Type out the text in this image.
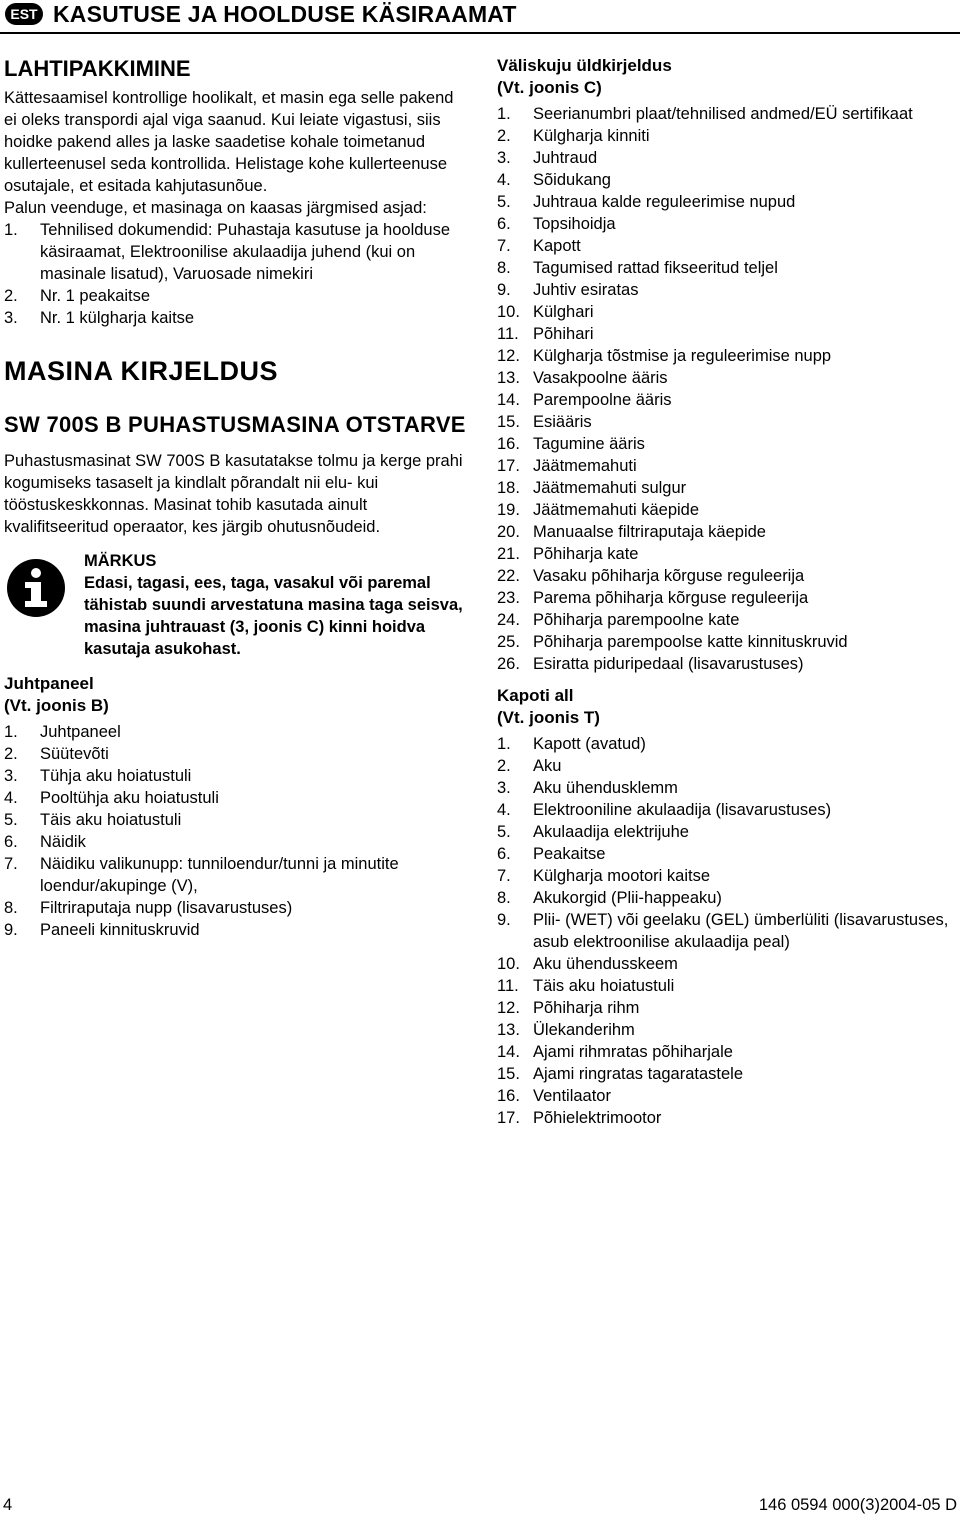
EST KASUTUSE JA HOOLDUSE KÄSIRAAMAT
LAHTIPAKKIMINE

Kättesaamisel kontrollige hoolikalt, et masin ega selle pakend ei oleks transpordi ajal viga saanud. Kui leiate vigastusi, siis hoidke pakend alles ja laske saadetise kohale toimetanud kullerteenusel seda kontrollida. Helistage kohe kullerteenuse osutajale, et esitada kahjutasunõue.

Palun veenduge, et masinaga on kaasas järgmised asjad:

1.	Tehnilised dokumendid: Puhastaja kasutuse ja hoolduse käsiraamat, Elektroonilise akulaadija juhend (kui on masinale lisatud), Varuosade nimekiri
2.	Nr. 1 peakaitse
3.	Nr. 1 külgharja kaitse
MASINA KIRJELDUS
SW 700S B PUHASTUSMASINA OTSTARVE

Puhastusmasinat SW 700S B kasutatakse tolmu ja kerge prahi kogumiseks tasaselt ja kindlalt põrandalt nii elu- kui tööstuskeskkonnas. Masinat tohib kasutada ainult kvalifitseeritud operaator, kes järgib ohutusnõudeid.

MÄRKUS
Edasi, tagasi, ees, taga, vasakul või paremal tähistab suundi arvestatuna masina taga seisva, masina juhtrauast (3, joonis C) kinni hoidva kasutaja asukohast.
Juhtpaneel
(Vt. joonis B)
1.	Juhtpaneel
2.	Süütevõti
3.	Tühja aku hoiatustuli
4.	Pooltühja aku hoiatustuli
5.	Täis aku hoiatustuli
6.	Näidik
7.	Näidiku valikunupp: tunniloendur/tunni ja minutite loendur/akupinge (V),
8.	Filtriraputaja nupp (lisavarustuses)
9.	Paneeli kinnituskruvid
Väliskuju üldkirjeldus
(Vt. joonis C)
1.	Seerianumbri plaat/tehnilised andmed/EÜ sertifikaat
2.	Külgharja kinniti
3.	Juhtraud
4.	Sõidukang
5.	Juhtraua kalde reguleerimise nupud
6.	Topsihoidja
7.	Kapott
8.	Tagumised rattad fikseeritud teljel
9.	Juhtiv esiratas
10. Külghari
11. Põhihari
12. Külgharja tõstmise ja reguleerimise nupp
13. Vasakpoolne ääris
14. Parempoolne ääris
15. Esiääris
16. Tagumine ääris
17. Jäätmemahuti
18. Jäätmemahuti sulgur
19. Jäätmemahuti käepide
20. Manuaalse filtriraputaja käepide
21. Põhiharja kate
22. Vasaku põhiharja kõrguse reguleerija
23. Parema põhiharja kõrguse reguleerija
24. Põhiharja parempoolne kate
25. Põhiharja parempoolse katte kinnituskruvid
26. Esiratta piduripedaal (lisavarustuses)
Kapoti all
(Vt. joonis T)
1.	Kapott (avatud)
2.	Aku
3.	Aku ühendusklemm
4.	Elektrooniline akulaadija (lisavarustuses)
5.	Akulaadija elektrijuhe
6.	Peakaitse
7.	Külgharja mootori kaitse
8.	Akukorgid (Plii-happeaku)
9.	Plii- (WET) või geelaku (GEL) ümberlüliti (lisavarustuses, asub elektroonilise akulaadija peal)
10. Aku ühendusskeem
11. Täis aku hoiatustuli
12. Põhiharja rihm
13. Ülekanderihm
14. Ajami rihmratas põhiharjale
15. Ajami ringratas tagaratastele
16. Ventilaator
17. Põhielektrimootor
4	146 0594 000(3)2004-05 D
